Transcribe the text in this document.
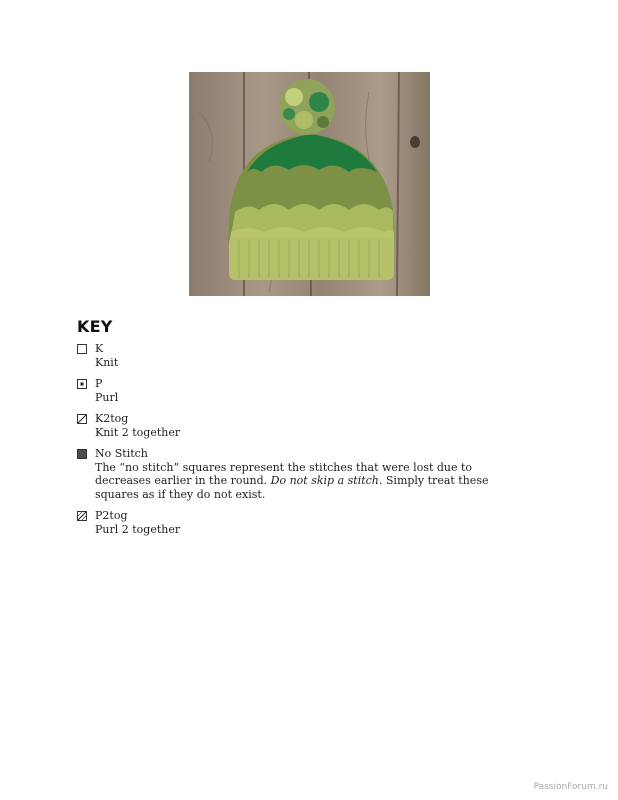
KEY
K
Knit
P
Purl
K2tog
Knit 2 together
No Stitch
The “no stitch” squares represent the stitches that were lost due to decreases earlier in the round. Do not skip a stitch. Simply treat these squares as if they do not exist.
P2tog
Purl 2 together
PassionForum.ru
